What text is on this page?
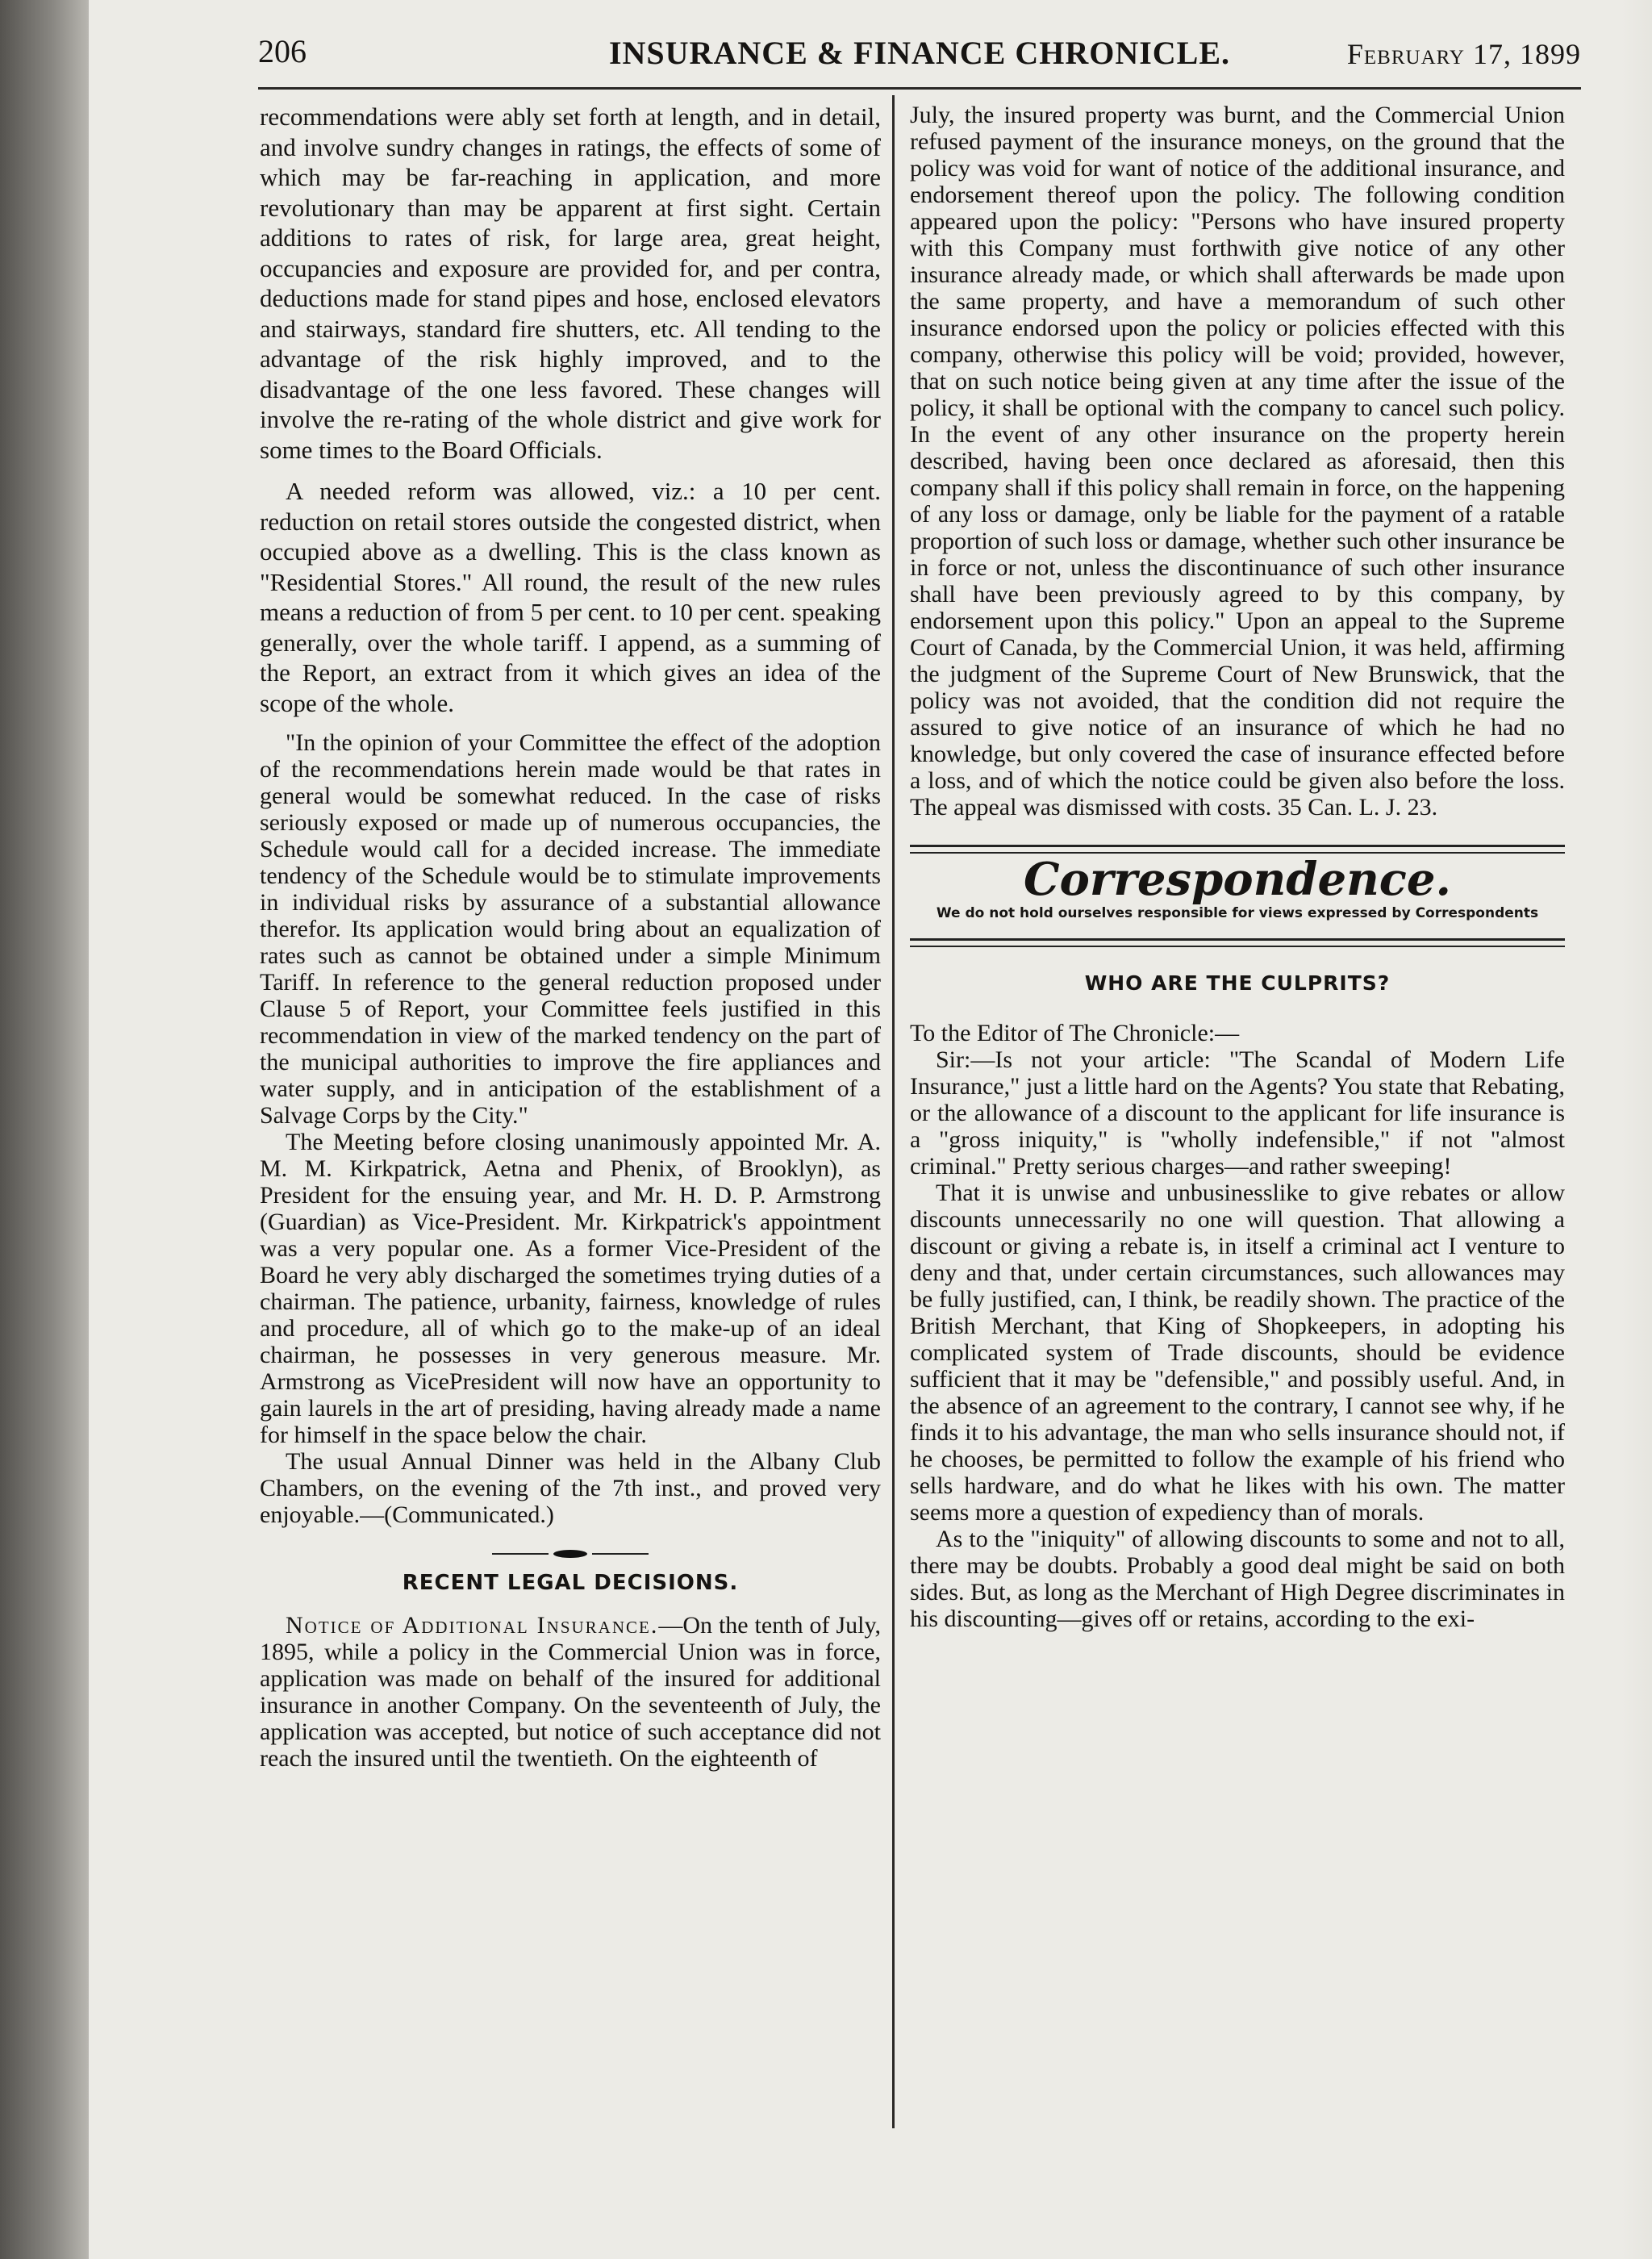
206	INSURANCE & FINANCE CHRONICLE.	February 17, 1899

recommendations were ably set forth at length, and in detail, and involve sundry changes in ratings, the effects of some of which may be far-reaching in application, and more revolutionary than may be apparent at first sight. Certain additions to rates of risk, for large area, great height, occupancies and exposure are provided for, and per contra, deductions made for stand pipes and hose, enclosed elevators and stairways, standard fire shutters, etc. All tending to the advantage of the risk highly improved, and to the disadvantage of the one less favored. These changes will involve the re-rating of the whole district and give work for some times to the Board Officials.

A needed reform was allowed, viz.: a 10 per cent. reduction on retail stores outside the congested district, when occupied above as a dwelling. This is the class known as "Residential Stores." All round, the result of the new rules means a reduction of from 5 per cent. to 10 per cent. speaking generally, over the whole tariff. I append, as a summing of the Report, an extract from it which gives an idea of the scope of the whole.

"In the opinion of your Committee the effect of the adoption of the recommendations herein made would be that rates in general would be somewhat reduced. In the case of risks seriously exposed or made up of numerous occupancies, the Schedule would call for a decided increase. The immediate tendency of the Schedule would be to stimulate improvements in individual risks by assurance of a substantial allowance therefor. Its application would bring about an equalization of rates such as cannot be obtained under a simple Minimum Tariff. In reference to the general reduction proposed under Clause 5 of Report, your Committee feels justified in this recommendation in view of the marked tendency on the part of the municipal authorities to improve the fire appliances and water supply, and in anticipation of the establishment of a Salvage Corps by the City."

The Meeting before closing unanimously appointed Mr. A. M. M. Kirkpatrick, Aetna and Phenix, of Brooklyn), as President for the ensuing year, and Mr. H. D. P. Armstrong (Guardian) as Vice-President. Mr. Kirkpatrick's appointment was a very popular one. As a former Vice-President of the Board he very ably discharged the sometimes trying duties of a chairman. The patience, urbanity, fairness, knowledge of rules and procedure, all of which go to the make-up of an ideal chairman, he possesses in very generous measure. Mr. Armstrong as VicePresident will now have an opportunity to gain laurels in the art of presiding, having already made a name for himself in the space below the chair.

The usual Annual Dinner was held in the Albany Club Chambers, on the evening of the 7th inst., and proved very enjoyable.—(Communicated.)

RECENT LEGAL DECISIONS.

Notice of Additional Insurance.—On the tenth of July, 1895, while a policy in the Commercial Union was in force, application was made on behalf of the insured for additional insurance in another Company. On the seventeenth of July, the application was accepted, but notice of such acceptance did not reach the insured until the twentieth. On the eighteenth of

July, the insured property was burnt, and the Commercial Union refused payment of the insurance moneys, on the ground that the policy was void for want of notice of the additional insurance, and endorsement thereof upon the policy. The following condition appeared upon the policy: "Persons who have insured property with this Company must forthwith give notice of any other insurance already made, or which shall afterwards be made upon the same property, and have a memorandum of such other insurance endorsed upon the policy or policies effected with this company, otherwise this policy will be void; provided, however, that on such notice being given at any time after the issue of the policy, it shall be optional with the company to cancel such policy. In the event of any other insurance on the property herein described, having been once declared as aforesaid, then this company shall if this policy shall remain in force, on the happening of any loss or damage, only be liable for the payment of a ratable proportion of such loss or damage, whether such other insurance be in force or not, unless the discontinuance of such other insurance shall have been previously agreed to by this company, by endorsement upon this policy." Upon an appeal to the Supreme Court of Canada, by the Commercial Union, it was held, affirming the judgment of the Supreme Court of New Brunswick, that the policy was not avoided, that the condition did not require the assured to give notice of an insurance of which he had no knowledge, but only covered the case of insurance effected before a loss, and of which the notice could be given also before the loss. The appeal was dismissed with costs. 35 Can. L. J. 23.

Correspondence.
We do not hold ourselves responsible for views expressed by Correspondents
WHO ARE THE CULPRITS?

To the Editor of The Chronicle:—

Sir:—Is not your article: "The Scandal of Modern Life Insurance," just a little hard on the Agents? You state that Rebating, or the allowance of a discount to the applicant for life insurance is a "gross iniquity," is "wholly indefensible," if not "almost criminal." Pretty serious charges—and rather sweeping!

That it is unwise and unbusinesslike to give rebates or allow discounts unnecessarily no one will question. That allowing a discount or giving a rebate is, in itself a criminal act I venture to deny and that, under certain circumstances, such allowances may be fully justified, can, I think, be readily shown. The practice of the British Merchant, that King of Shopkeepers, in adopting his complicated system of Trade discounts, should be evidence sufficient that it may be "defensible," and possibly useful. And, in the absence of an agreement to the contrary, I cannot see why, if he finds it to his advantage, the man who sells insurance should not, if he chooses, be permitted to follow the example of his friend who sells hardware, and do what he likes with his own. The matter seems more a question of expediency than of morals.

As to the "iniquity" of allowing discounts to some and not to all, there may be doubts. Probably a good deal might be said on both sides. But, as long as the Merchant of High Degree discriminates in his discounting—gives off or retains, according to the exi-
